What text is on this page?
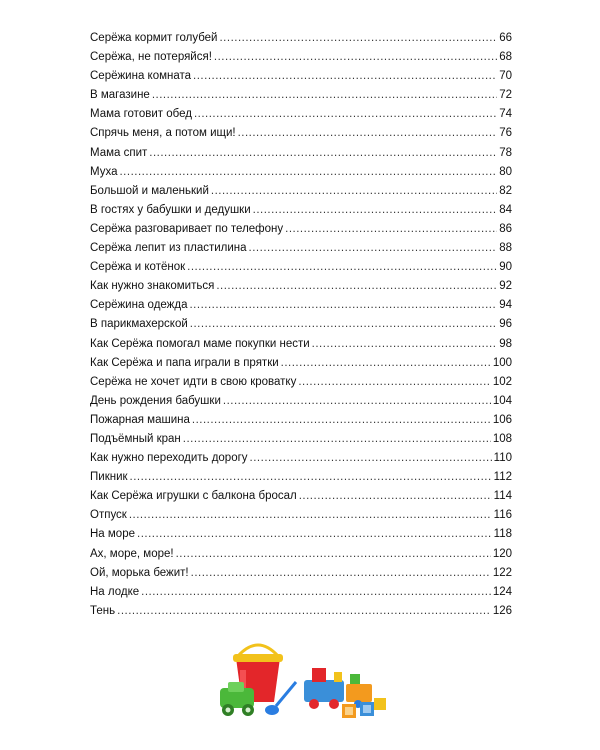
Серёжа кормит голубей .....	66
Серёжа, не потеряйся! .....	68
Серёжина комната .....	70
В магазине .....	72
Мама готовит обед .....	74
Спрячь меня, а потом ищи! .....	76
Мама спит .....	78
Муха .....	80
Большой и маленький .....	82
В гостях у бабушки и дедушки .....	84
Серёжа разговаривает по телефону .....	86
Серёжа лепит из пластилина .....	88
Серёжа и котёнок .....	90
Как нужно знакомиться .....	92
Серёжина одежда .....	94
В парикмахерской .....	96
Как Серёжа помогал маме покупки нести .....	98
Как Серёжа и папа играли в прятки .....	100
Серёжа не хочет идти в свою кроватку .....	102
День рождения бабушки .....	104
Пожарная машина .....	106
Подъёмный кран .....	108
Как нужно переходить дорогу .....	110
Пикник .....	112
Как Серёжа игрушки с балкона бросал .....	114
Отпуск .....	116
На море .....	118
Ах, море, море! .....	120
Ой, морька бежит! .....	122
На лодке .....	124
Тень .....	126
